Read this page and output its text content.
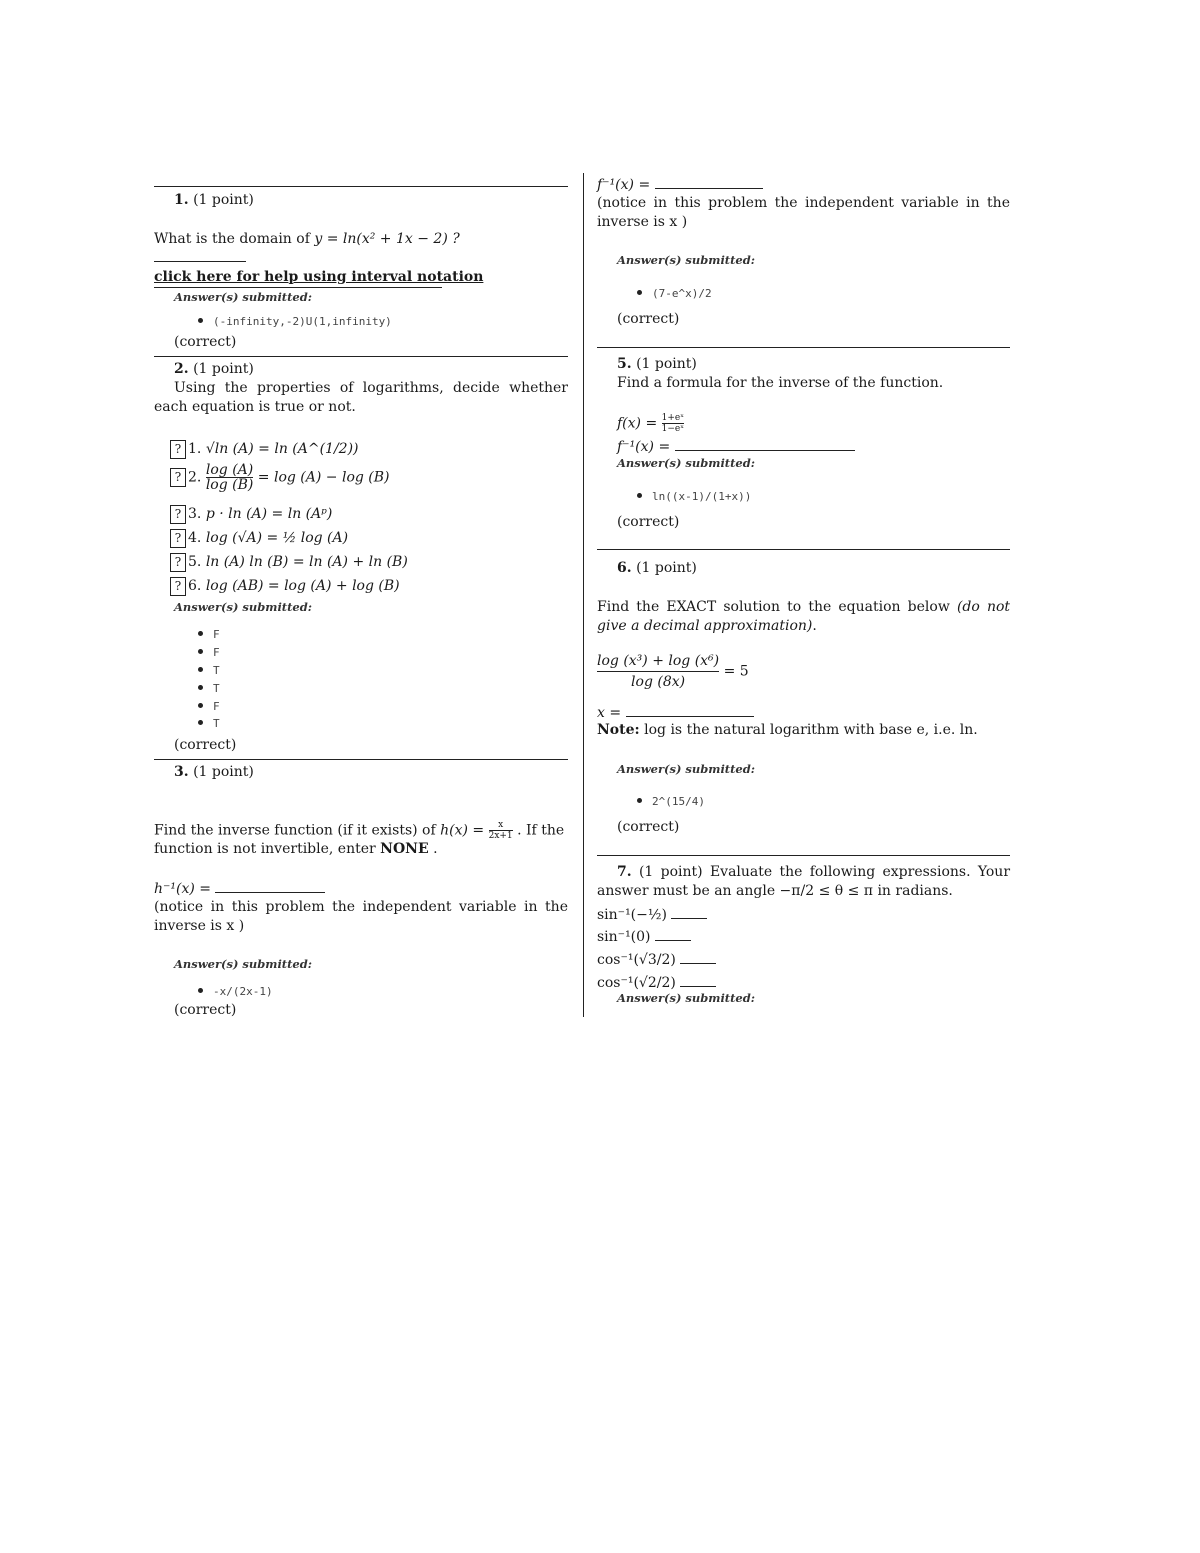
1. (1 point)
What is the domain of y = ln(x² + 1x − 2) ?
click here for help using interval notation
Answer(s) submitted:
(-infinity,-2)U(1,infinity)
(correct)
2. (1 point)
Using the properties of logarithms, decide whether each equation is true or not.
? 1. √ln (A) = ln (A^(1/2))
? 2. $\frac{\log (A)}{\log (B)} = \log (A) - \log (B)$
? 3. p · ln (A) = ln (Aᵖ)
? 4. log (√A) = ½ log (A)
? 5. ln (A) ln (B) = ln (A) + ln (B)
? 6. log (AB) = log (A) + log (B)
Answer(s) submitted:
F
F
T
T
F
T
(correct)
3. (1 point)
Find the inverse function (if it exists) of $h(x) = \frac{x}{2x+1}$ . If the
function is not invertible, enter NONE .
h⁻¹(x) =
(notice in this problem the independent variable in the inverse is x )
Answer(s) submitted:
-x/(2x-1)
(correct)
f⁻¹(x) =
(notice in this problem the independent variable in the inverse is x )
Answer(s) submitted:
(7-e^x)/2
(correct)
5. (1 point)
Find a formula for the inverse of the function.
$f(x) = \frac{\text{1+eˣ}}{\text{1−eˣ}}$
f⁻¹(x) =
Answer(s) submitted:
ln((x-1)/(1+x))
(correct)
6. (1 point)
Find the EXACT solution to the equation below (do not give a decimal approximation).
$\frac{\text{log (x³) + log (x⁶)}}{\log (8x)} = 5$
x =
Note: log is the natural logarithm with base e, i.e. ln.
Answer(s) submitted:
2^(15/4)
(correct)
7. (1 point) Evaluate the following expressions. Your answer must be an angle −π/2 ≤ θ ≤ π in radians.
sin⁻¹(−½)
sin⁻¹(0)
cos⁻¹(√3/2)
cos⁻¹(√2/2)
Answer(s) submitted:
